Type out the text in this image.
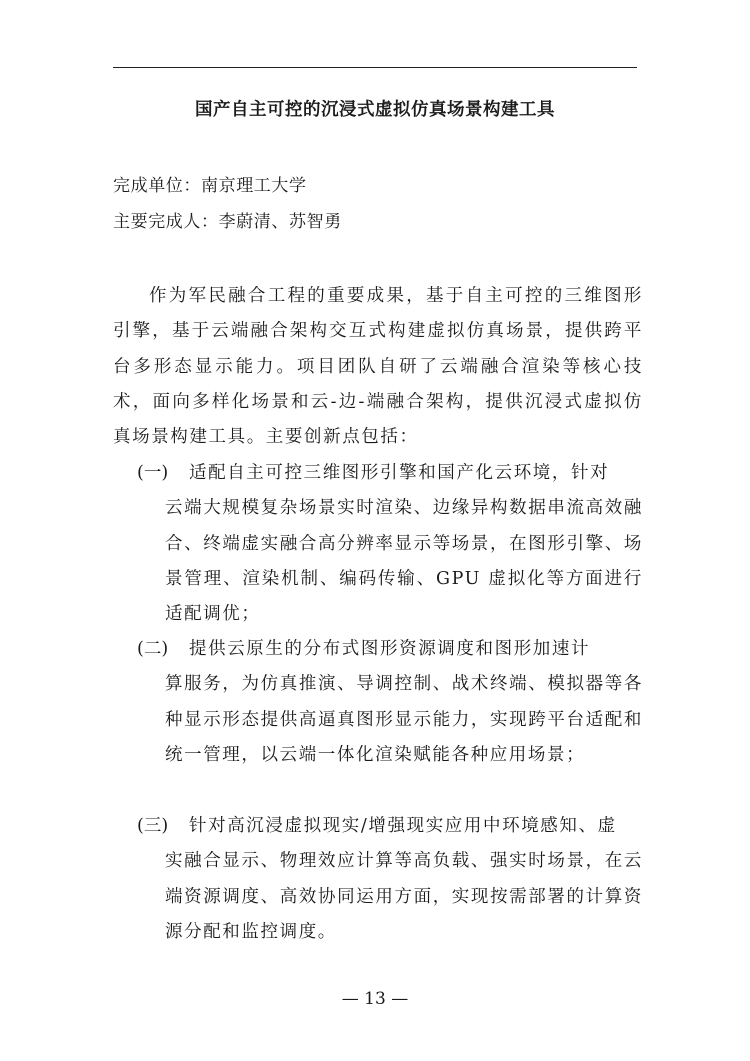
国产自主可控的沉浸式虚拟仿真场景构建工具
完成单位：南京理工大学
主要完成人：李蔚清、苏智勇

作为军民融合工程的重要成果，基于自主可控的三维图形引擎，基于云端融合架构交互式构建虚拟仿真场景，提供跨平台多形态显示能力。项目团队自研了云端融合渲染等核心技术，面向多样化场景和云-边-端融合架构，提供沉浸式虚拟仿真场景构建工具。主要创新点包括：

(一) 适配自主可控三维图形引擎和国产化云环境，针对
云端大规模复杂场景实时渲染、边缘异构数据串流高效融合、终端虚实融合高分辨率显示等场景，在图形引擎、场景管理、渲染机制、编码传输、GPU 虚拟化等方面进行适配调优；
(二) 提供云原生的分布式图形资源调度和图形加速计
算服务，为仿真推演、导调控制、战术终端、模拟器等各种显示形态提供高逼真图形显示能力，实现跨平台适配和统一管理，以云端一体化渲染赋能各种应用场景；
(三) 针对高沉浸虚拟现实/增强现实应用中环境感知、虚
实融合显示、物理效应计算等高负载、强实时场景，在云端资源调度、高效协同运用方面，实现按需部署的计算资源分配和监控调度。
— 13 —
